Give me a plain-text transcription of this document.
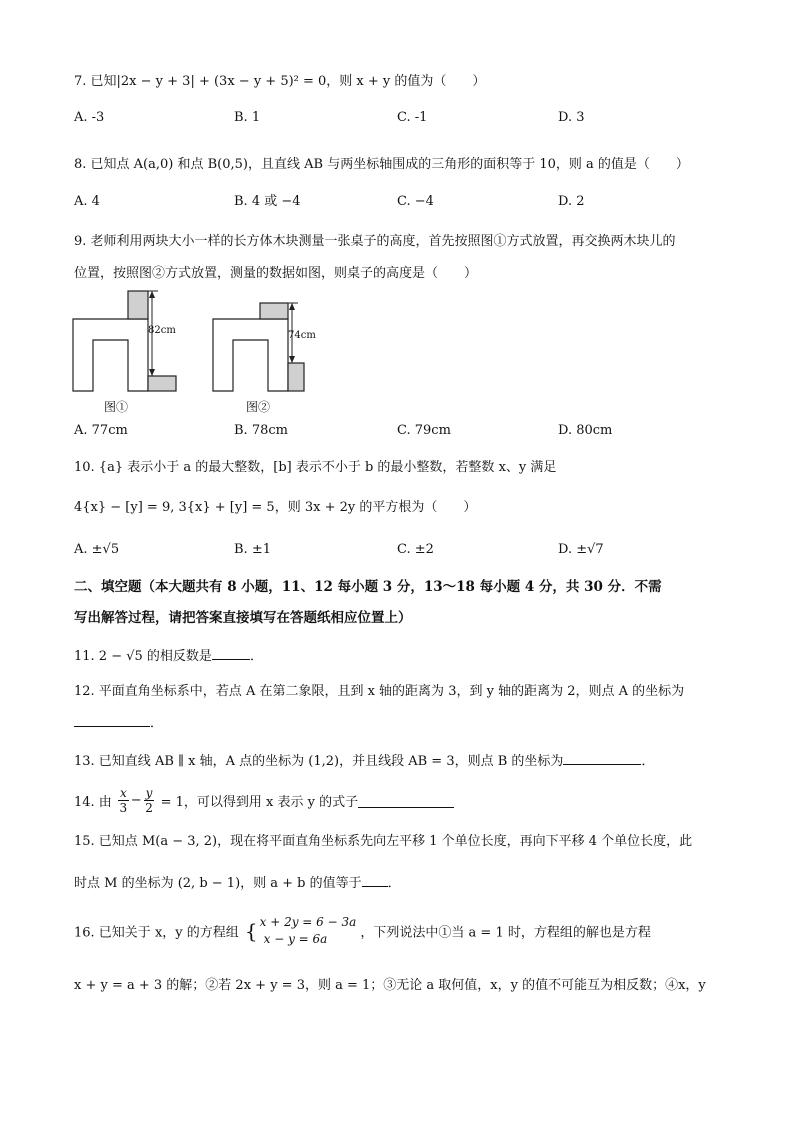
7. 已知|2x − y + 3| + (3x − y + 5)² = 0，则 x + y 的值为（　　）
A. -3	B. 1	C. -1	D. 3
8. 已知点 A(a,0) 和点 B(0,5)，且直线 AB 与两坐标轴围成的三角形的面积等于 10，则 a 的值是（　　）
A. 4	B. 4 或 −4	C. −4	D. 2
9. 老师利用两块大小一样的长方体木块测量一张桌子的高度，首先按照图①方式放置，再交换两木块儿的
位置，按照图②方式放置，测量的数据如图，则桌子的高度是（　　）
82cm
图①
74cm
图②
A. 77cm	B. 78cm	C. 79cm	D. 80cm
10. {a} 表示小于 a 的最大整数，[b] 表示不小于 b 的最小整数，若整数 x、y 满足
4{x} − [y] = 9, 3{x} + [y] = 5，则 3x + 2y 的平方根为（　　）
A. ±√5	B. ±1	C. ±2	D. ±√7
二、填空题（本大题共有 8 小题，11、12 每小题 3 分，13～18 每小题 4 分，共 30 分．不需
写出解答过程，请把答案直接填写在答题纸相应位置上）
11. 2 − √5 的相反数是	．
12. 平面直角坐标系中，若点 A 在第二象限，且到 x 轴的距离为 3，到 y 轴的距离为 2，则点 A 的坐标为
．
13. 已知直线 AB ∥ x 轴，A 点的坐标为 (1,2)，并且线段 AB = 3，则点 B 的坐标为	．
14. 由 $\frac{x}{3} - \frac{y}{2} = 1$，可以得到用 x 表示 y 的式子
15. 已知点 M(a − 3, 2)，现在将平面直角坐标系先向左平移 1 个单位长度，再向下平移 4 个单位长度，此
时点 M 的坐标为 (2, b − 1)，则 a + b 的值等于 ．
16. 已知关于 x，y 的方程组 { x + 2y = 6 − 3a
x − y = 6a	，下列说法中①当 a = 1 时，方程组的解也是方程
x + y = a + 3 的解；②若 2x + y = 3，则 a = 1；③无论 a 取何值，x，y 的值不可能互为相反数；④x，y
